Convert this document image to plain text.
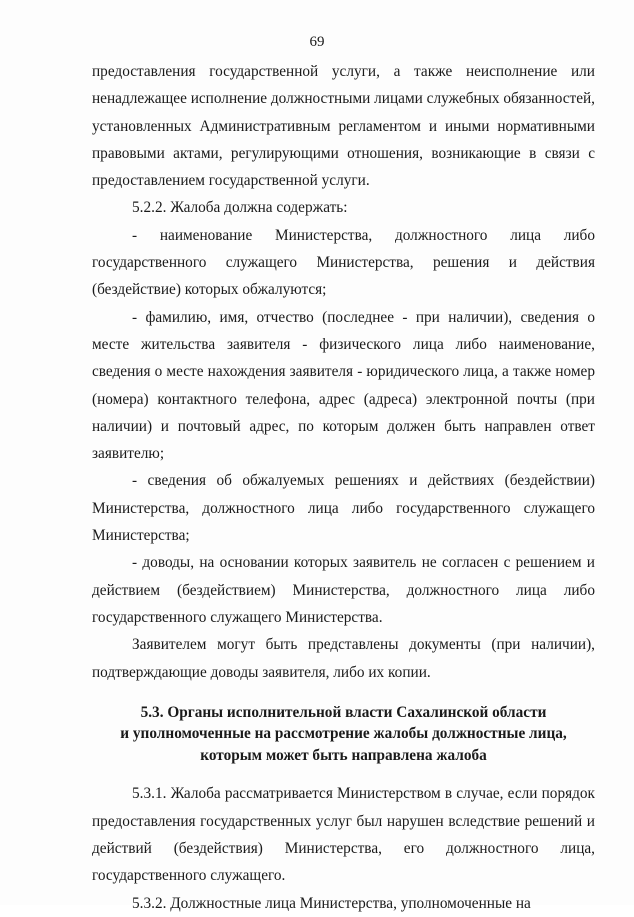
69

предоставления государственной услуги, а также неисполнение или ненадлежащее исполнение должностными лицами служебных обязанностей, установленных Административным регламентом и иными нормативными правовыми актами, регулирующими отношения, возникающие в связи с предоставлением государственной услуги.

5.2.2. Жалоба должна содержать:

- наименование Министерства, должностного лица либо государственного служащего Министерства, решения и действия (бездействие) которых обжалуются;

- фамилию, имя, отчество (последнее - при наличии), сведения о месте жительства заявителя - физического лица либо наименование, сведения о месте нахождения заявителя - юридического лица, а также номер (номера) контактного телефона, адрес (адреса) электронной почты (при наличии) и почтовый адрес, по которым должен быть направлен ответ заявителю;

- сведения об обжалуемых решениях и действиях (бездействии) Министерства, должностного лица либо государственного служащего Министерства;

- доводы, на основании которых заявитель не согласен с решением и действием (бездействием) Министерства, должностного лица либо государственного служащего Министерства.

Заявителем могут быть представлены документы (при наличии), подтверждающие доводы заявителя, либо их копии.

5.3. Органы исполнительной власти Сахалинской области
и уполномоченные на рассмотрение жалобы должностные лица,
которым может быть направлена жалоба

5.3.1. Жалоба рассматривается Министерством в случае, если порядок предоставления государственных услуг был нарушен вследствие решений и действий (бездействия) Министерства, его должностного лица, государственного служащего.

5.3.2. Должностные лица Министерства, уполномоченные на
